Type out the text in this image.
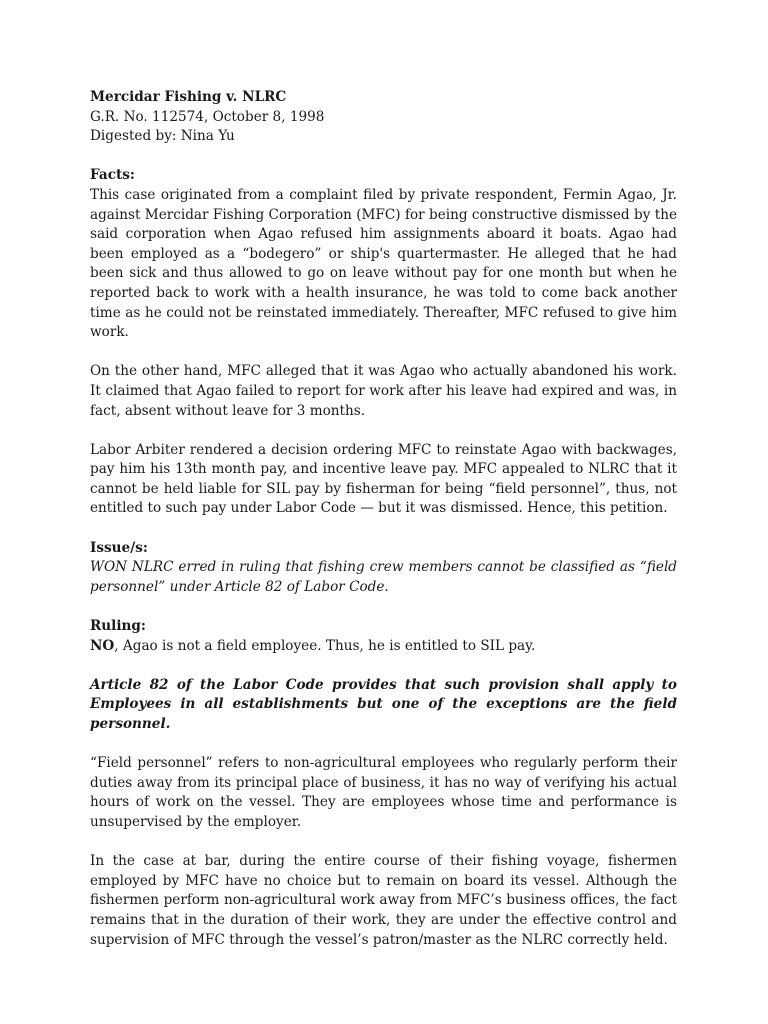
Mercidar Fishing v. NLRC
G.R. No. 112574, October 8, 1998
Digested by: Nina Yu
Facts:

This case originated from a complaint filed by private respondent, Fermin Agao, Jr. against Mercidar Fishing Corporation (MFC) for being constructive dismissed by the said corporation when Agao refused him assignments aboard it boats. Agao had been employed as a “bodegero” or ship's quartermaster. He alleged that he had been sick and thus allowed to go on leave without pay for one month but when he reported back to work with a health insurance, he was told to come back another time as he could not be reinstated immediately. Thereafter, MFC refused to give him work.

On the other hand, MFC alleged that it was Agao who actually abandoned his work. It claimed that Agao failed to report for work after his leave had expired and was, in fact, absent without leave for 3 months.

Labor Arbiter rendered a decision ordering MFC to reinstate Agao with backwages, pay him his 13th month pay, and incentive leave pay. MFC appealed to NLRC that it cannot be held liable for SIL pay by fisherman for being “field personnel”, thus, not entitled to such pay under Labor Code — but it was dismissed. Hence, this petition.

Issue/s:

WON NLRC erred in ruling that fishing crew members cannot be classified as “field personnel” under Article 82 of Labor Code.

Ruling:

NO, Agao is not a field employee. Thus, he is entitled to SIL pay.

Article 82 of the Labor Code provides that such provision shall apply to Employees in all establishments but one of the exceptions are the field personnel.

“Field personnel” refers to non-agricultural employees who regularly perform their duties away from its principal place of business, it has no way of verifying his actual hours of work on the vessel. They are employees whose time and performance is unsupervised by the employer.

In the case at bar, during the entire course of their fishing voyage, fishermen employed by MFC have no choice but to remain on board its vessel. Although the fishermen perform non-agricultural work away from MFC’s business offices, the fact remains that in the duration of their work, they are under the effective control and supervision of MFC through the vessel’s patron/master as the NLRC correctly held.
